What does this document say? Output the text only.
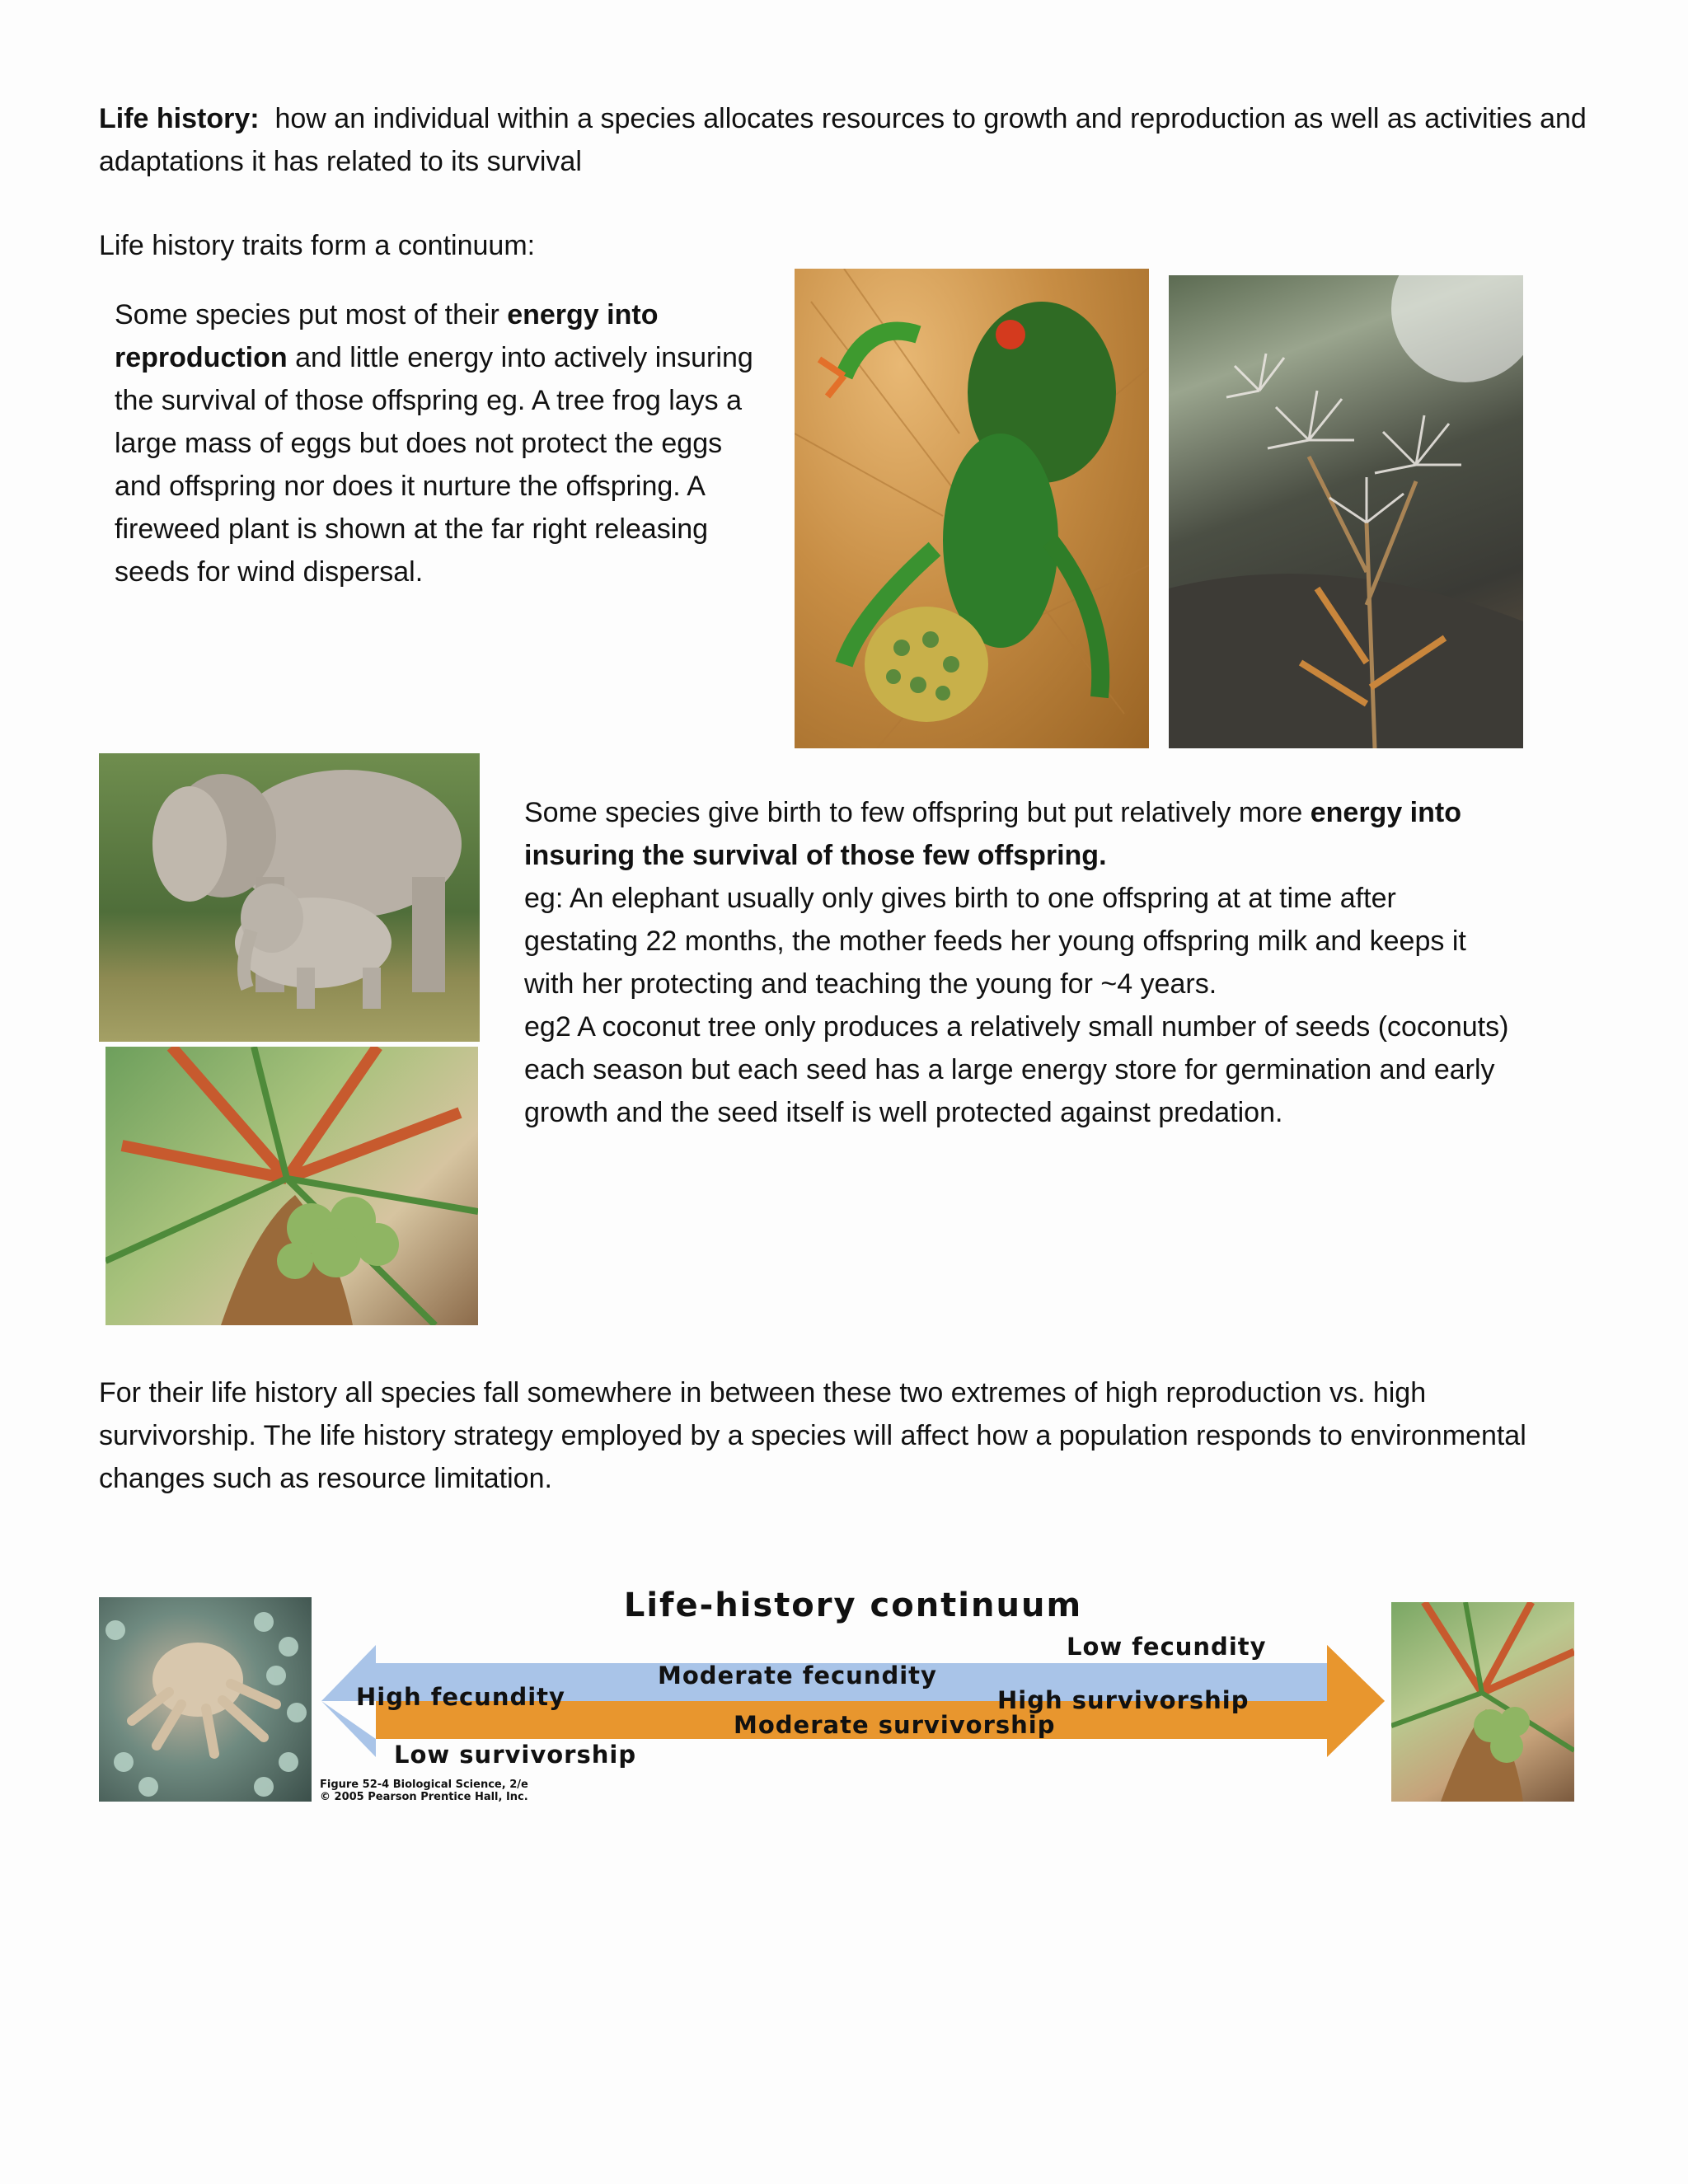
Life history: how an individual within a species allocates resources to growth and reproduction as well as activities and adaptations it has related to its survival
Life history traits form a continuum:
Some species put most of their energy into reproduction and little energy into actively insuring the survival of those offspring eg. A tree frog lays a large mass of eggs but does not protect the eggs and offspring nor does it nurture the offspring. A fireweed plant is shown at the far right releasing seeds for wind dispersal.
Some species give birth to few offspring but put relatively more energy into insuring the survival of those few offspring.
eg: An elephant usually only gives birth to one offspring at at time after gestating 22 months, the mother feeds her young offspring milk and keeps it with her protecting and teaching the young for ~4 years.
eg2 A coconut tree only produces a relatively small number of seeds (coconuts) each season but each seed has a large energy store for germination and early growth and the seed itself is well protected against predation.
For their life history all species fall somewhere in between these two extremes of high reproduction vs. high survivorship. The life history strategy employed by a species will affect how a population responds to environmental changes such as resource limitation.
Life-history continuum
Low fecundity
Moderate fecundity
High fecundity	High survivorship
Moderate survivorship
Low survivorship
Figure 52-4 Biological Science, 2/e
© 2005 Pearson Prentice Hall, Inc.
